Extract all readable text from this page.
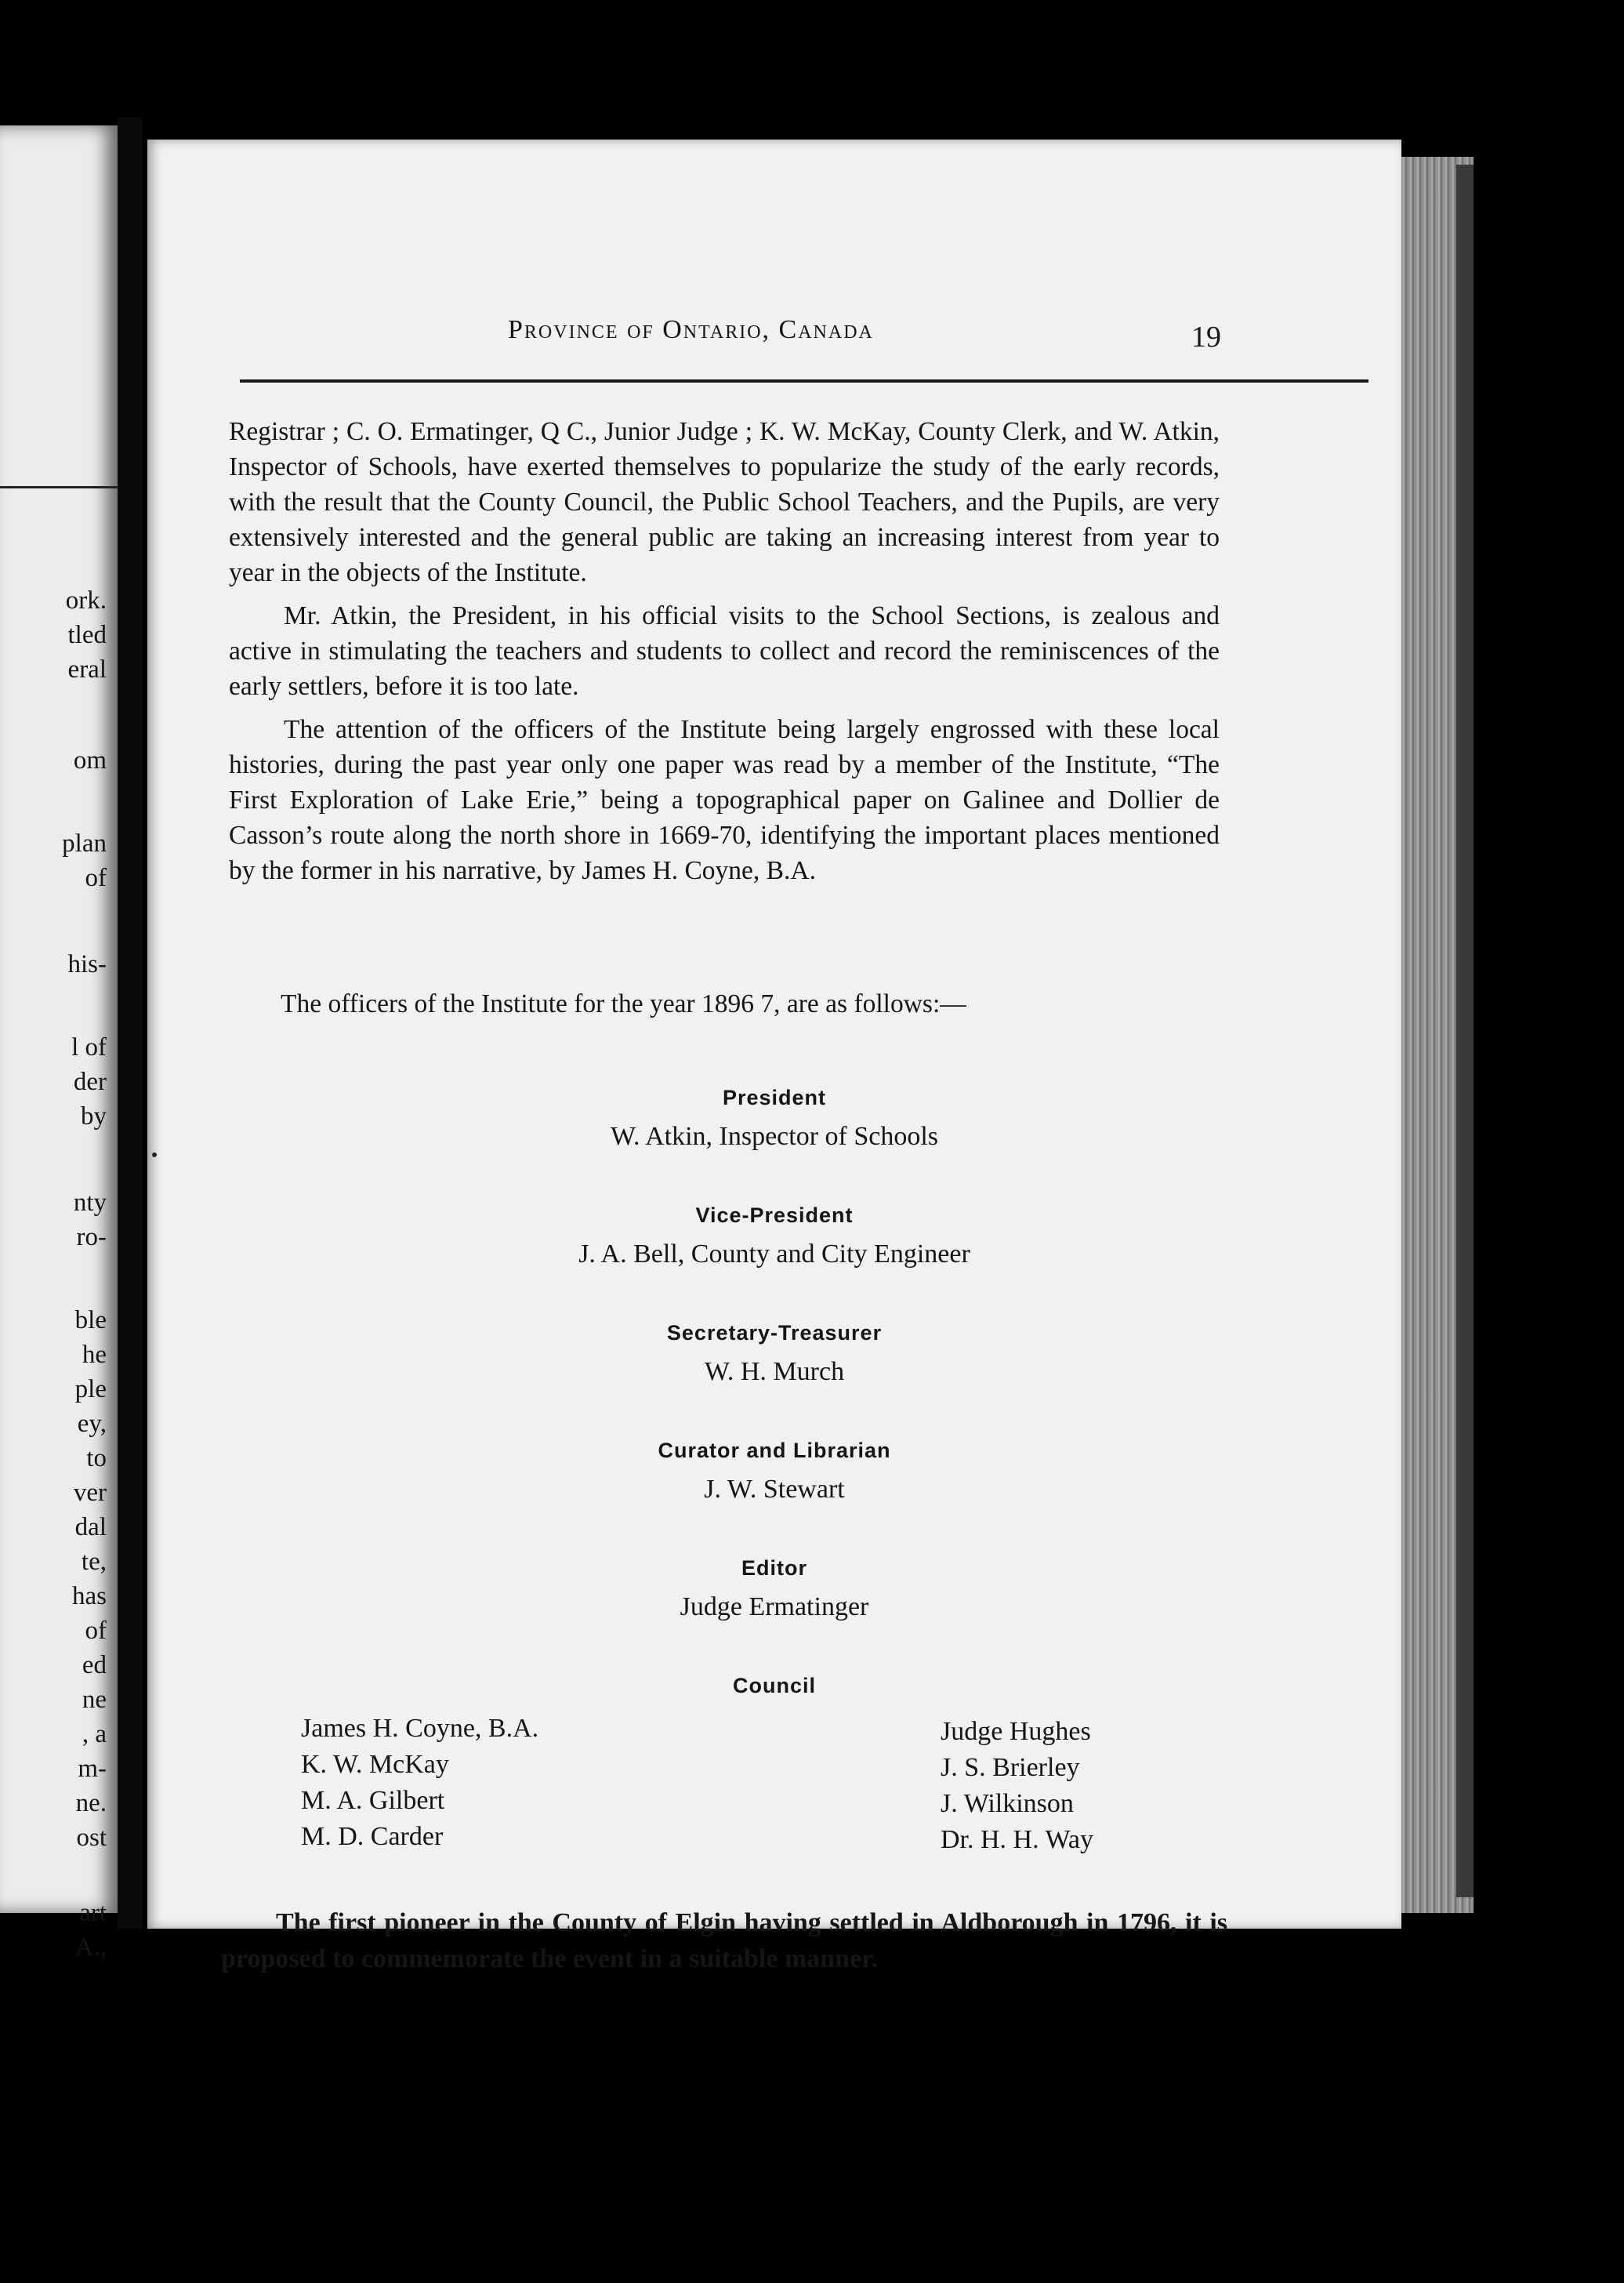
ork.
tled
eral
om
plan
of
his-
l of
der
by
nty
ro-
ble
he
ple
ey,
to
ver
dal
te,
has
of
ed
ne
, a
m-
ne.
ost
art
A.,
Province of Ontario, Canada	19

Registrar ; C. O. Ermatinger, Q C., Junior Judge ; K. W. McKay, County Clerk, and W. Atkin, Inspector of Schools, have exerted themselves to popularize the study of the early records, with the result that the County Council, the Public School Teachers, and the Pupils, are very extensively interested and the general public are taking an increasing interest from year to year in the objects of the Institute.

Mr. Atkin, the President, in his official visits to the School Sections, is zealous and active in stimulating the teachers and students to collect and record the reminiscences of the early settlers, before it is too late.

The attention of the officers of the Institute being largely engrossed with these local histories, during the past year only one paper was read by a member of the Institute, “The First Exploration of Lake Erie,” being a topographical paper on Galinee and Dollier de Casson’s route along the north shore in 1669-70, identifying the important places mentioned by the former in his narrative, by James H. Coyne, B.A.

The officers of the Institute for the year 1896 7, are as follows:—
President
W. Atkin, Inspector of Schools
Vice-President
J. A. Bell, County and City Engineer
Secretary-Treasurer
W. H. Murch
Curator and Librarian
J. W. Stewart
Editor
Judge Ermatinger
Council
James H. Coyne, B.A.
K. W. McKay
M. A. Gilbert
M. D. Carder
Judge Hughes
J. S. Brierley
J. Wilkinson
Dr. H. H. Way
The first pioneer in the County of Elgin having settled in Aldborough in 1796, it is proposed to commemorate the event in a suitable manner.
